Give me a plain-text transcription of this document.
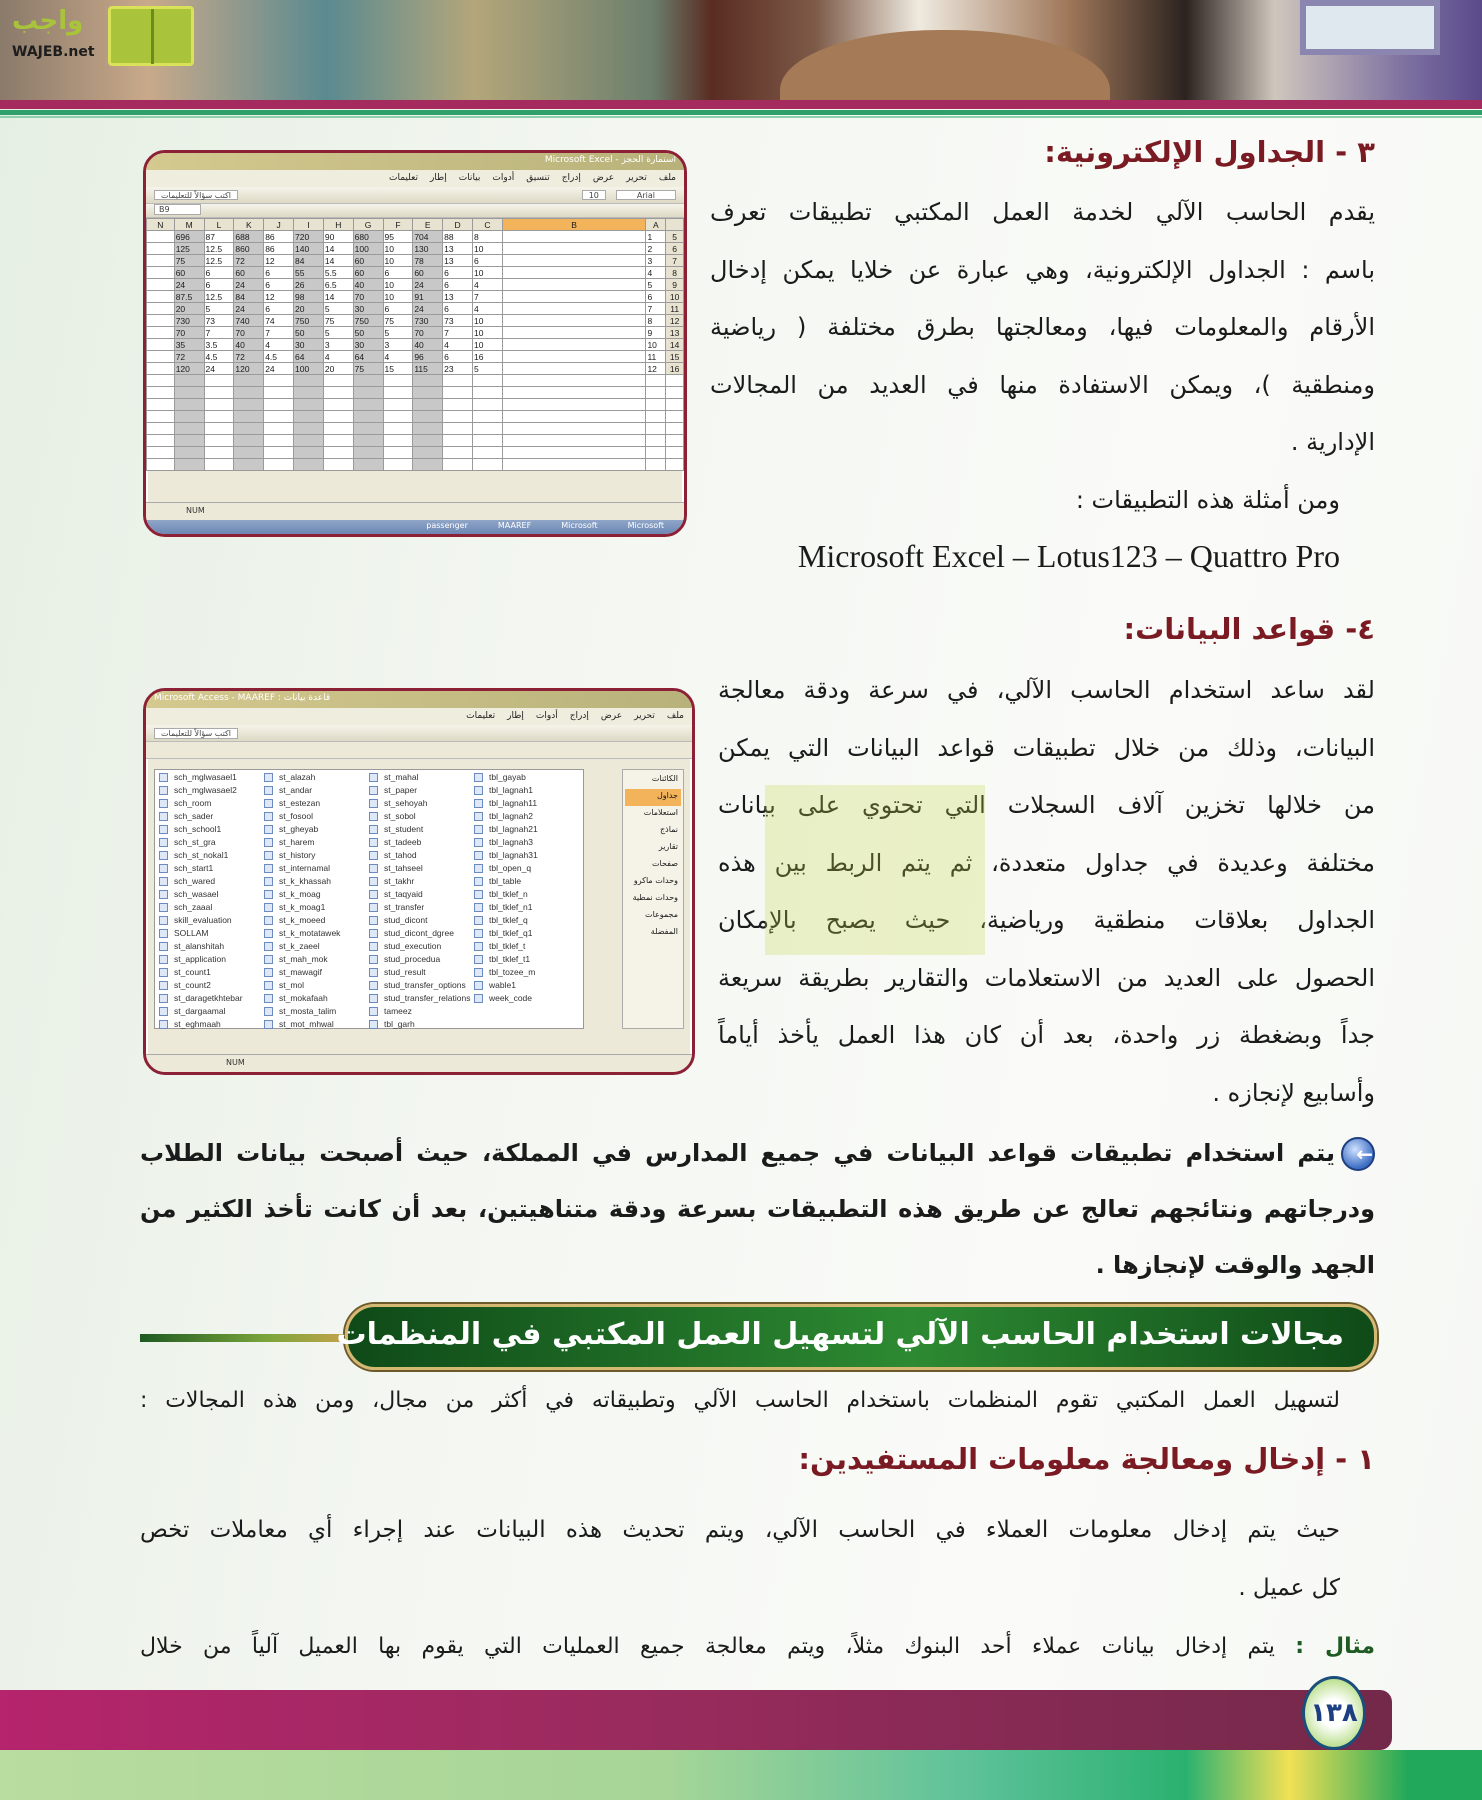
واجب
WAJEB.net
٣ - الجداول الإلكترونية:
يقدم الحاسب الآلي لخدمة العمل المكتبي تطبيقات تعرف
باسم : الجداول الإلكترونية، وهي عبارة عن خلايا يمكن إدخال
الأرقام والمعلومات فيها، ومعالجتها بطرق مختلفة ( رياضية
ومنطقية )، ويمكن الاستفادة منها في العديد من المجالات
الإدارية .
ومن أمثلة هذه التطبيقات :
Microsoft Excel – Lotus123 – Quattro Pro
Microsoft Excel - استمارة الحجز
ملف
تحرير
عرض
إدراج
تنسيق
أدوات
بيانات
إطار
تعليمات
Arial
10
اكتب سؤالاً للتعليمات
B9
	A	B	C	D	E	F	G	H	I	J	K	L	M	N
5	1		8	88	704	95	680	90	720	86	688	87	696	
6	2		10	13	130	10	100	14	140	86	860	12.5	125	
7	3		6	13	78	10	60	14	84	12	72	12.5	75	
8	4		10	6	60	6	60	5.5	55	6	60	6	60	
9	5		4	6	24	10	40	6.5	26	6	24	6	24	
10	6		7	13	91	10	70	14	98	12	84	12.5	87.5	
11	7		4	6	24	6	30	5	20	6	24	5	20	
12	8		10	73	730	75	750	75	750	74	740	73	730	
13	9		10	7	70	5	50	5	50	7	70	7	70	
14	10		10	4	40	3	30	3	30	4	40	3.5	35	
15	11		16	6	96	4	64	4	64	4.5	72	4.5	72	
16	12		5	23	115	15	75	20	100	24	120	24	120	

NUM
Microsoft
Microsoft
MAAREF
passenger
٤- قواعد البيانات:
لقد ساعد استخدام الحاسب الآلي، في سرعة ودقة معالجة
البيانات، وذلك من خلال تطبيقات قواعد البيانات التي يمكن
من خلالها تخزين آلاف السجلات التي تحتوي على بيانات
مختلفة وعديدة في جداول متعددة، ثم يتم الربط بين هذه
الجداول بعلاقات منطقية ورياضية، حيث يصبح بالإمكان
الحصول على العديد من الاستعلامات والتقارير بطريقة سريعة
جداً وبضغطة زر واحدة، بعد أن كان هذا العمل يأخذ أياماً
وأسابيع لإنجازه .
Microsoft Access - MAAREF : قاعدة بيانات
ملف
تحرير
عرض
إدراج
أدوات
إطار
تعليمات
اكتب سؤالاً للتعليمات
sch_mglwasael1
sch_mglwasael2
sch_room
sch_sader
sch_school1
sch_st_gra
sch_st_nokal1
sch_start1
sch_wared
sch_wasael
sch_zaaal
skill_evaluation
SOLLAM
st_alanshitah
st_application
st_count1
st_count2
st_daragetkhtebar
st_dargaamal
st_eghmaah
st_alazah
st_andar
st_estezan
st_fosool
st_gheyab
st_harem
st_history
st_internamal
st_k_khassah
st_k_moag
st_k_moag1
st_k_moeed
st_k_motatawek
st_k_zaeel
st_mah_mok
st_mawagif
st_mol
st_mokafaah
st_mosta_talim
st_mot_mhwal
st_mahal
st_paper
st_sehoyah
st_sobol
st_student
st_tadeeb
st_tahod
st_tahseel
st_takhr
st_taqyaid
st_transfer
stud_dicont
stud_dicont_dgree
stud_execution
stud_procedua
stud_result
stud_transfer_options
stud_transfer_relations
tameez
tbl_garh
tbl_gayab
tbl_lagnah1
tbl_lagnah11
tbl_lagnah2
tbl_lagnah21
tbl_lagnah3
tbl_lagnah31
tbl_open_q
tbl_table
tbl_tklef_n
tbl_tklef_n1
tbl_tklef_q
tbl_tklef_q1
tbl_tklef_t
tbl_tklef_t1
tbl_tozee_m
wable1
week_code
الكائنات
جداول
استعلامات
نماذج
تقارير
صفحات
وحدات ماكرو
وحدات نمطية
مجموعات
المفضلة
NUM
←يتم استخدام تطبيقات قواعد البيانات في جميع المدارس في المملكة، حيث أصبحت بيانات الطلاب
ودرجاتهم ونتائجهم تعالج عن طريق هذه التطبيقات بسرعة ودقة متناهيتين، بعد أن كانت تأخذ الكثير من
الجهد والوقت لإنجازها .
مجالات استخدام الحاسب الآلي لتسهيل العمل المكتبي في المنظمات
لتسهيل العمل المكتبي تقوم المنظمات باستخدام الحاسب الآلي وتطبيقاته في أكثر من مجال، ومن هذه المجالات :
١ - إدخال ومعالجة معلومات المستفيدين:
حيث يتم إدخال معلومات العملاء في الحاسب الآلي، ويتم تحديث هذه البيانات عند إجراء أي معاملات تخص
كل عميل .
مثال : يتم إدخال بيانات عملاء أحد البنوك مثلاً، ويتم معالجة جميع العمليات التي يقوم بها العميل آلياً من خلال
١٣٨
